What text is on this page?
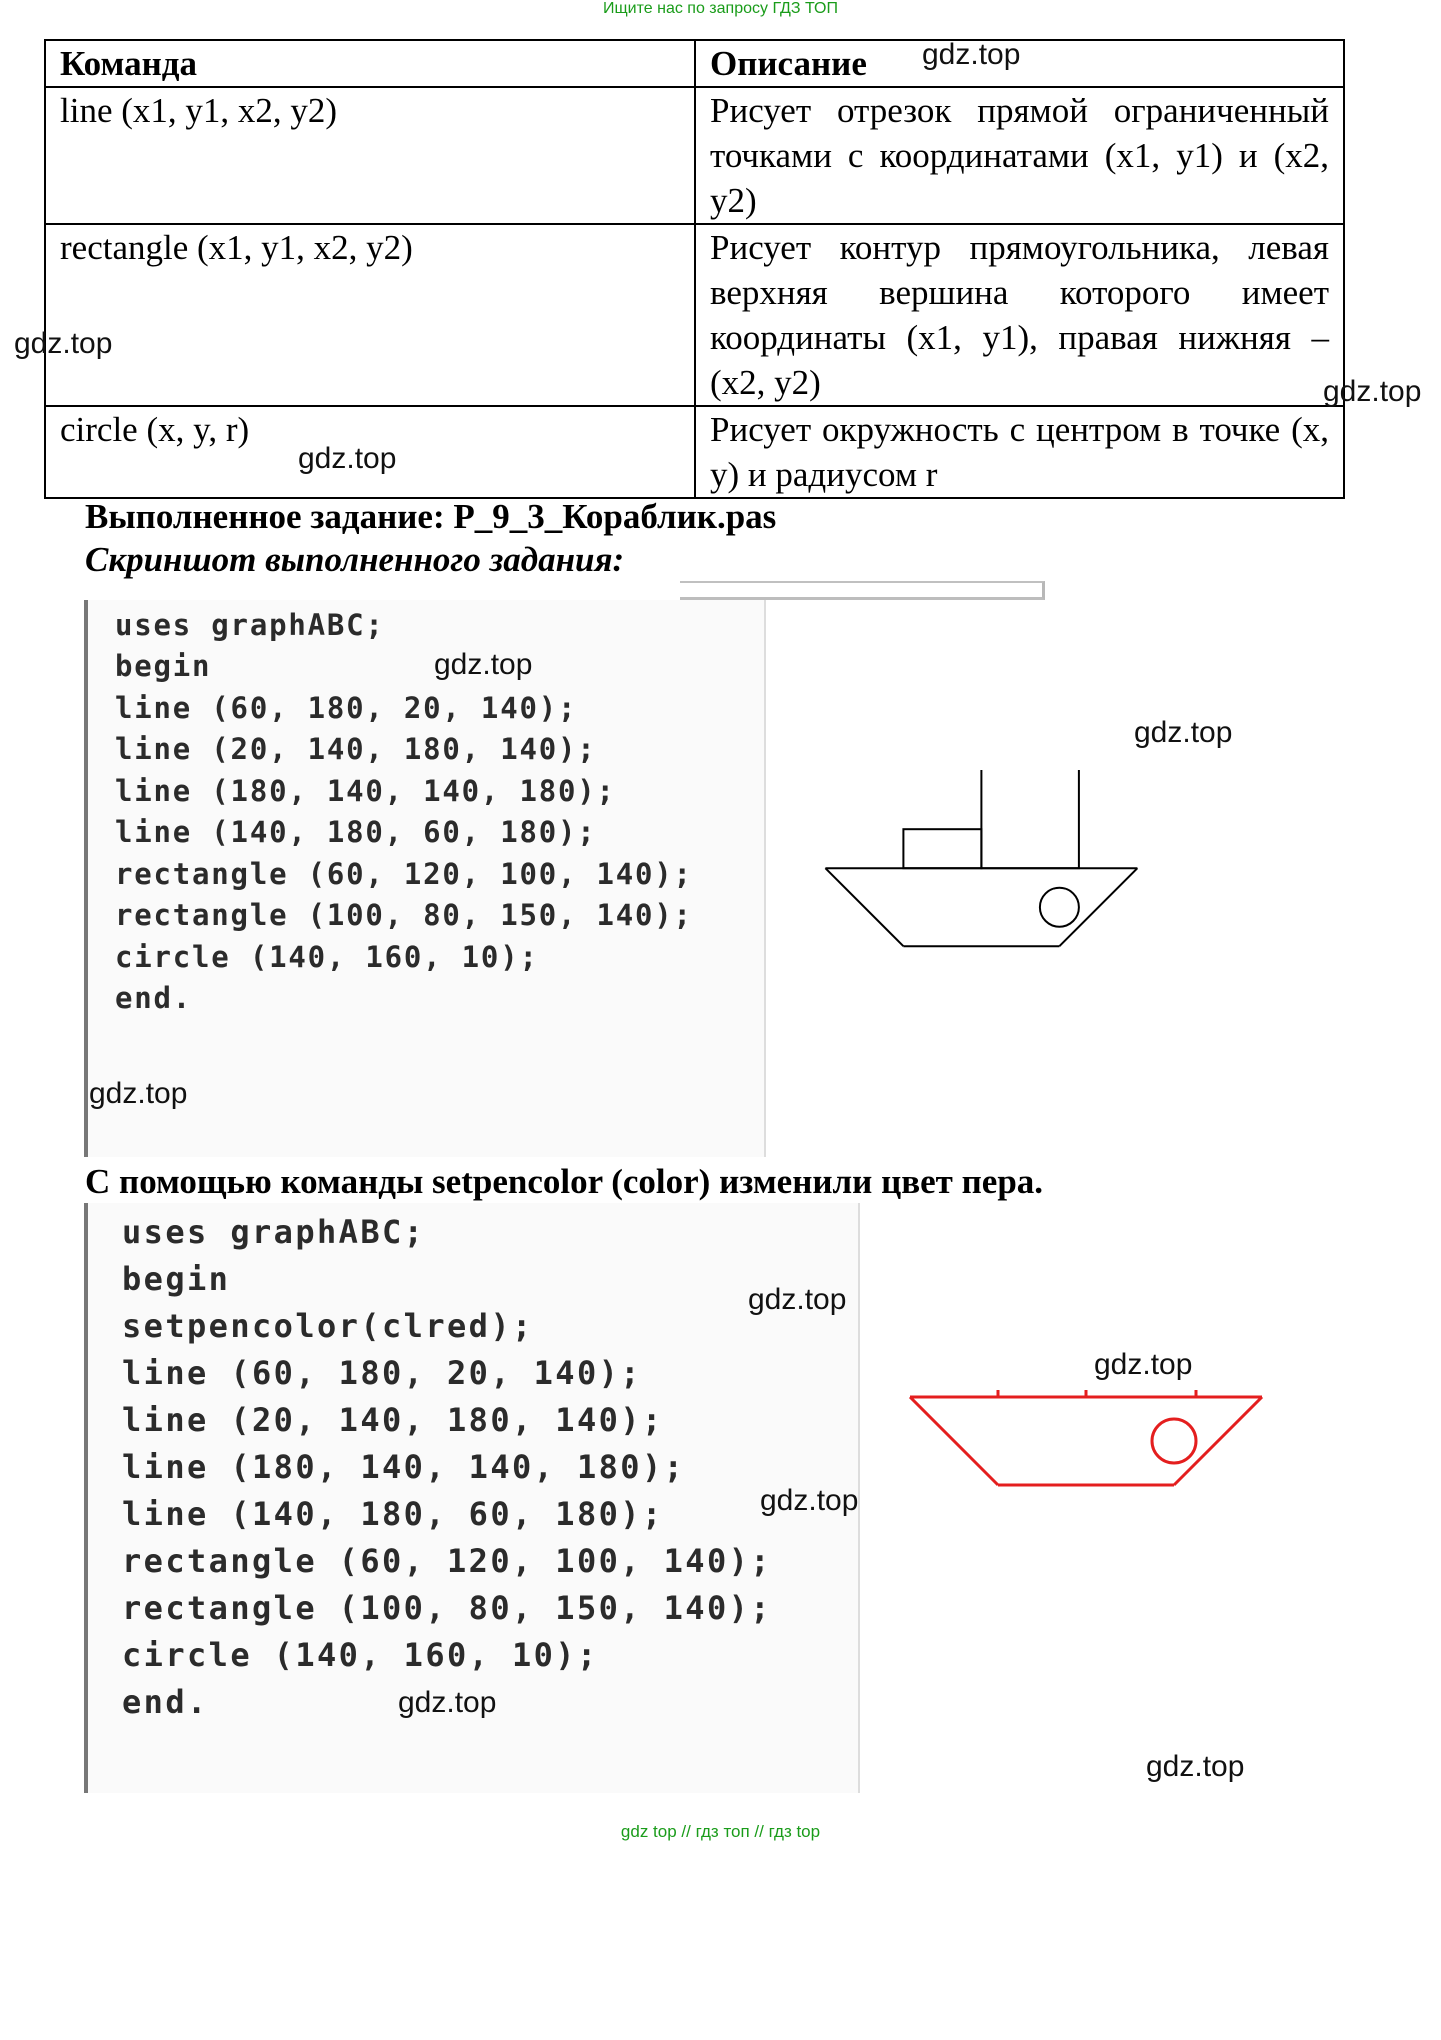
Ищите нас по запросу ГДЗ ТОП
Команда	Описание
line (x1, y1, x2, y2)	Рисует отрезок прямой ограниченный точками с координатами (x1, y1) и (x2, y2)
rectangle (x1, y1, x2, y2)	Рисует контур прямоугольника, левая верхняя вершина которого имеет координаты (x1, y1), правая нижняя – (x2, y2)
circle (x, y, r)	Рисует окружность с центром в точке (x, y) и радиусом r
Выполненное задание: P_9_3_Кораблик.pas
Скриншот выполненного задания:

uses graphABC;

begin

line (60, 180, 20, 140);

line (20, 140, 180, 140);

line (180, 140, 140, 180);

line (140, 180, 60, 180);

rectangle (60, 120, 100, 140);

rectangle (100, 80, 150, 140);

circle (140, 160, 10);

end.

С помощью команды setpencolor (color) изменили цвет пера.

uses graphABC;

begin

setpencolor(clred);

line (60, 180, 20, 140);

line (20, 140, 180, 140);

line (180, 140, 140, 180);

line (140, 180, 60, 180);

rectangle (60, 120, 100, 140);

rectangle (100, 80, 150, 140);

circle (140, 160, 10);

end.

gdz.top
gdz.top
gdz.top
gdz.top
gdz.top
gdz.top
gdz.top
gdz.top
gdz.top
gdz.top
gdz.top
gdz.top
gdz top // гдз топ // гдз top
